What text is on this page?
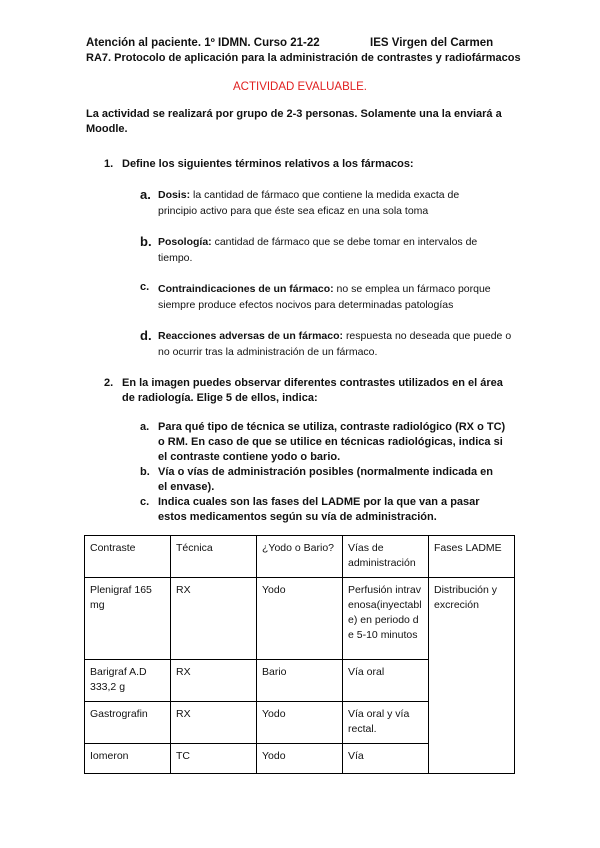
Atención al paciente. 1º IDMN. Curso 21-22	IES Virgen del Carmen
RA7. Protocolo de aplicación para la administración de contrastes y radiofármacos
ACTIVIDAD EVALUABLE.
La actividad se realizará por grupo de 2-3 personas. Solamente una la enviará a Moodle.
1. Define los siguientes términos relativos a los fármacos:
a. Dosis: la cantidad de fármaco que contiene la medida exacta de principio activo para que éste sea eficaz en una sola toma
b. Posología: cantidad de fármaco que se debe tomar en intervalos de tiempo.
c. Contraindicaciones de un fármaco: no se emplea un fármaco porque siempre produce efectos nocivos para determinadas patologías
d. Reacciones adversas de un fármaco: respuesta no deseada que puede o no ocurrir tras la administración de un fármaco.
2. En la imagen puedes observar diferentes contrastes utilizados en el área de radiología. Elige 5 de ellos, indica:
a. Para qué tipo de técnica se utiliza, contraste radiológico (RX o TC) o RM. En caso de que se utilice en técnicas radiológicas, indica si el contraste contiene yodo o bario.
b. Vía o vías de administración posibles (normalmente indicada en el envase).
c. Indica cuales son las fases del LADME por la que van a pasar estos medicamentos según su vía de administración.
Contraste	Técnica	¿Yodo o Bario?	Vías de administración	Fases LADME
Plenigraf 165 mg	RX	Yodo	Perfusión intravenosa(inyectable) en periodo de 5-10 minutos	Distribución y excreción
Barigraf A.D 333,2 g	RX	Bario	Vía oral	
Gastrografin	RX	Yodo	Vía oral y vía rectal.	
Iomeron	TC	Yodo	Vía	
